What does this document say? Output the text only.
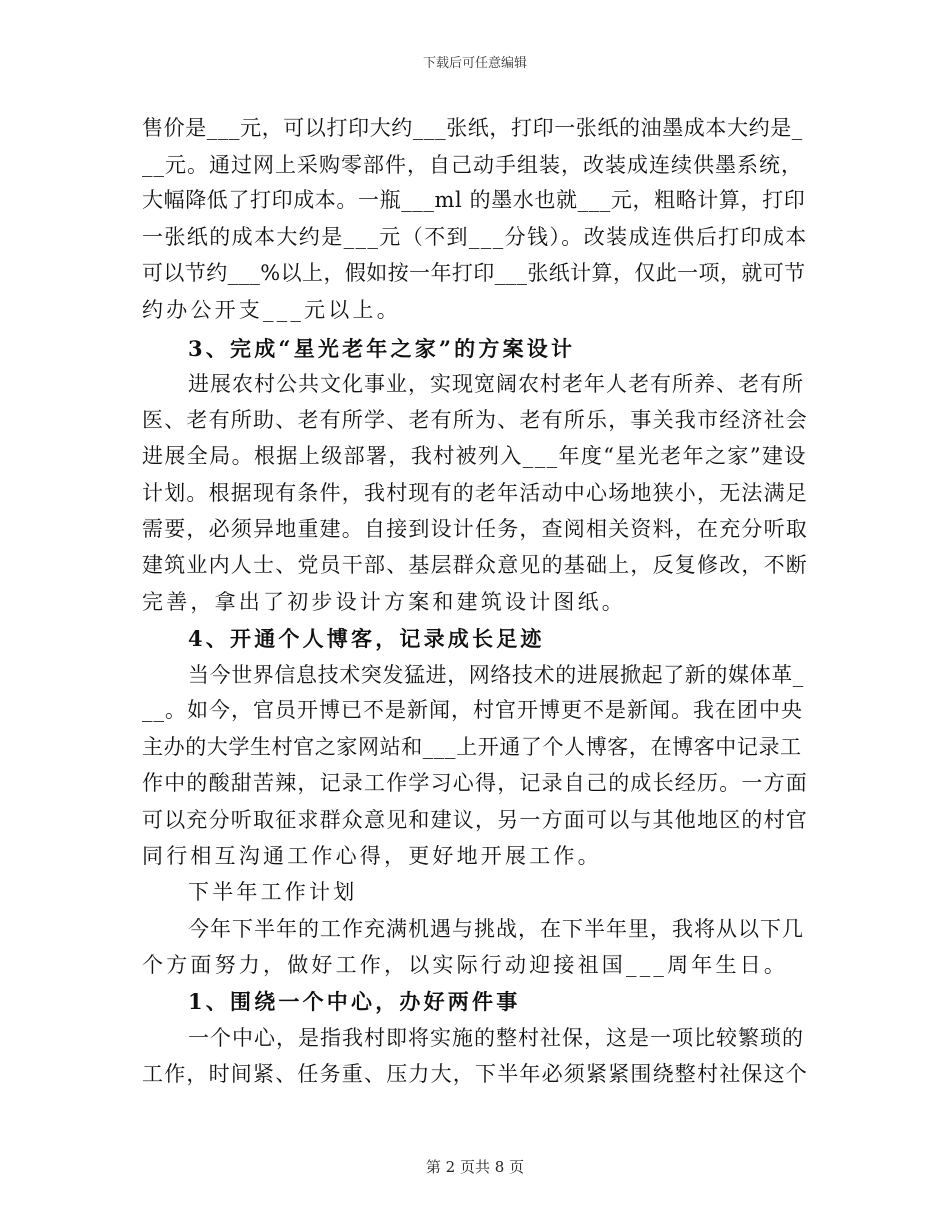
下载后可任意编辑
售价是___元，可以打印大约___张纸，打印一张纸的油墨成本大约是_
__元。通过网上采购零部件，自己动手组装，改装成连续供墨系统，
大幅降低了打印成本。一瓶___ml 的墨水也就___元，粗略计算，打印
一张纸的成本大约是___元（不到___分钱）。改装成连供后打印成本
可以节约___%以上，假如按一年打印___张纸计算，仅此一项，就可节
约办公开支___元以上。
3、完成“星光老年之家”的方案设计
进展农村公共文化事业，实现宽阔农村老年人老有所养、老有所
医、老有所助、老有所学、老有所为、老有所乐，事关我市经济社会
进展全局。根据上级部署，我村被列入___年度“星光老年之家”建设
计划。根据现有条件，我村现有的老年活动中心场地狭小，无法满足
需要，必须异地重建。自接到设计任务，查阅相关资料，在充分听取
建筑业内人士、党员干部、基层群众意见的基础上，反复修改，不断
完善，拿出了初步设计方案和建筑设计图纸。
4、开通个人博客，记录成长足迹
当今世界信息技术突发猛进，网络技术的进展掀起了新的媒体革_
__。如今，官员开博已不是新闻，村官开博更不是新闻。我在团中央
主办的大学生村官之家网站和___上开通了个人博客，在博客中记录工
作中的酸甜苦辣，记录工作学习心得，记录自己的成长经历。一方面
可以充分听取征求群众意见和建议，另一方面可以与其他地区的村官
同行相互沟通工作心得，更好地开展工作。
下半年工作计划
今年下半年的工作充满机遇与挑战，在下半年里，我将从以下几
个方面努力，做好工作，以实际行动迎接祖国___周年生日。
1、围绕一个中心，办好两件事
一个中心，是指我村即将实施的整村社保，这是一项比较繁琐的
工作，时间紧、任务重、压力大，下半年必须紧紧围绕整村社保这个
第 2 页共 8 页
